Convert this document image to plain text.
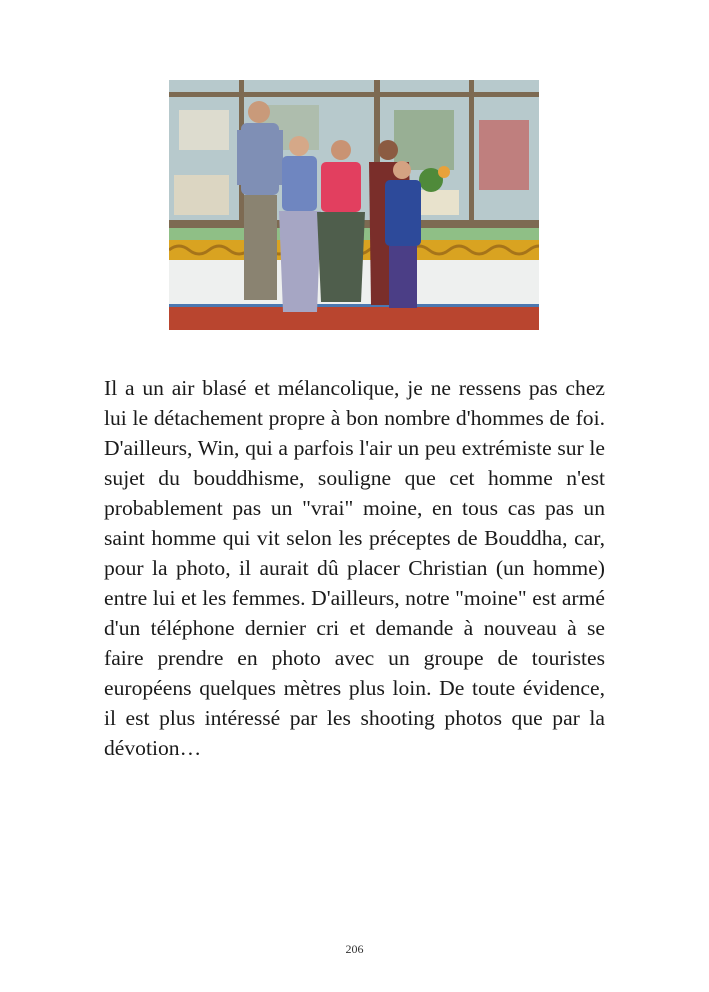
Il a un air blasé et mélancolique, je ne ressens pas chez lui le détachement propre à bon nombre d'hommes de foi. D'ailleurs, Win, qui a parfois l'air un peu extrémiste sur le sujet du bouddhisme, souligne que cet homme n'est probablement pas un "vrai" moine, en tous cas pas un saint homme qui vit selon les préceptes de Bouddha, car, pour la photo, il aurait dû placer Christian (un homme) entre lui et les femmes. D'ailleurs, notre "moine" est armé d'un téléphone dernier cri et demande à nouveau à se faire prendre en photo avec un groupe de touristes européens quelques mètres plus loin. De toute évidence, il est plus intéressé par les shooting photos que par la dévotion…

206
